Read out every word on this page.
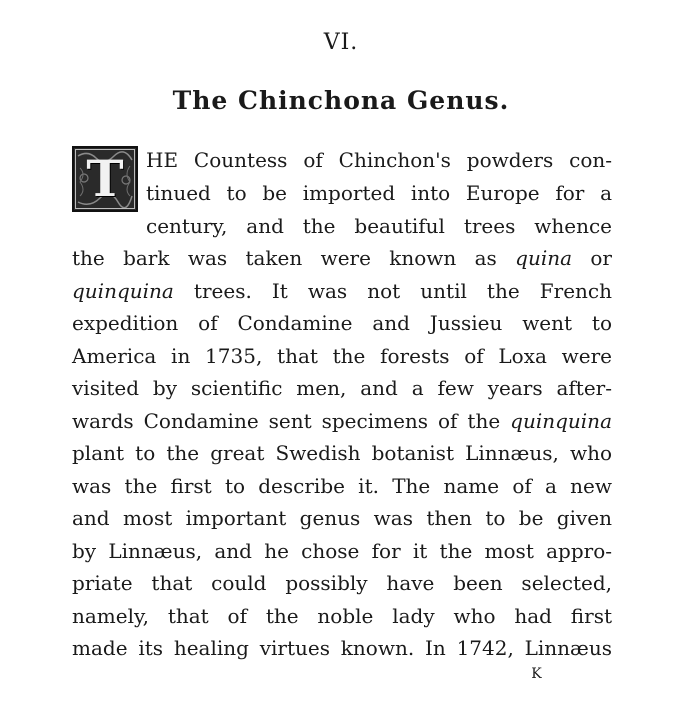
VI.
The Chinchona Genus.
T	HE Countess of Chinchon's powders con-
tinued to be imported into Europe for a
century, and the beautiful trees whence
the bark was taken were known as quina or
quinquina trees. It was not until the French
expedition of Condamine and Jussieu went to
America in 1735, that the forests of Loxa were
visited by scientific men, and a few years after-
wards Condamine sent specimens of the quinquina
plant to the great Swedish botanist Linnæus, who
was the first to describe it. The name of a new
and most important genus was then to be given
by Linnæus, and he chose for it the most appro-
priate that could possibly have been selected,
namely, that of the noble lady who had first
made its healing virtues known. In 1742, Linnæus
K
